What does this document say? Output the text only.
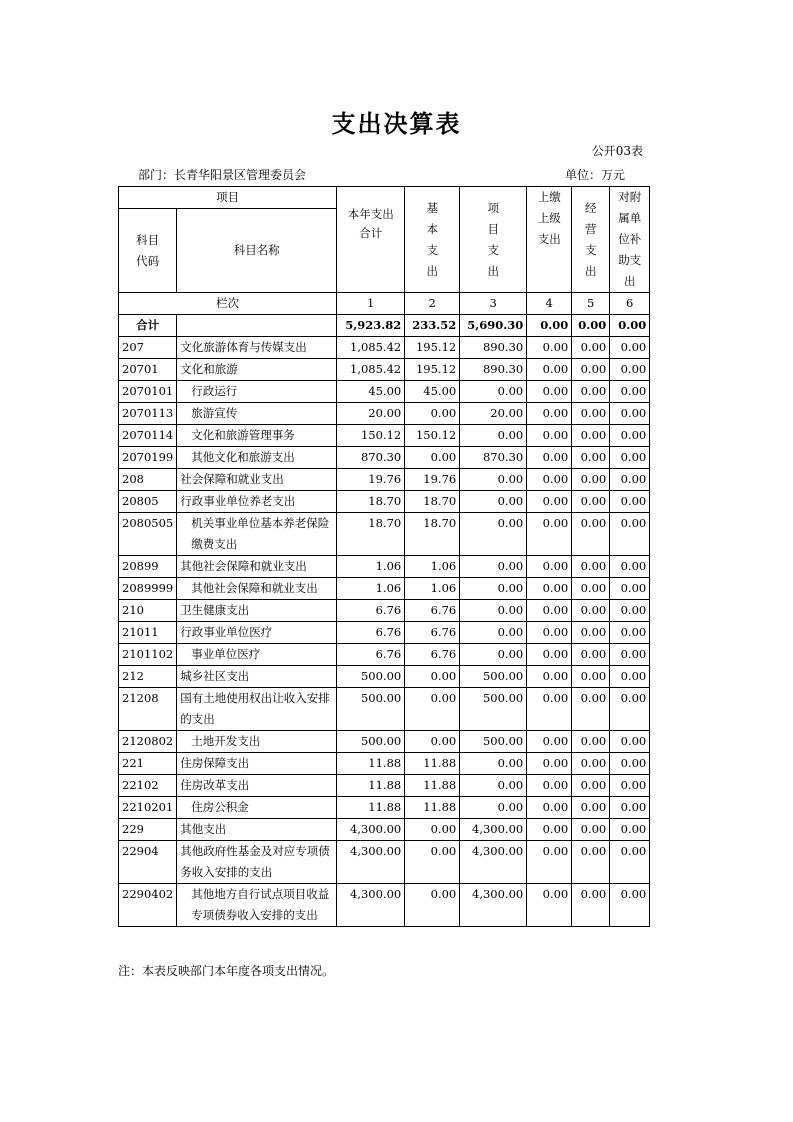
支出决算表
公开03表
部门：长青华阳景区管理委员会	单位：万元
项目		本年支出合计	基本支出	项目支出	上缴上级支出	经营支出	对附属单位补助支出

科目代码	科目名称						
栏次		1	2	3	4	5	6
合计		5,923.82	233.52	5,690.30	0.00	0.00	0.00
207	文化旅游体育与传媒支出	1,085.42	195.12	890.30	0.00	0.00	0.00
20701	文化和旅游	1,085.42	195.12	890.30	0.00	0.00	0.00
2070101	行政运行	45.00	45.00	0.00	0.00	0.00	0.00
2070113	旅游宣传	20.00	0.00	20.00	0.00	0.00	0.00
2070114	文化和旅游管理事务	150.12	150.12	0.00	0.00	0.00	0.00
2070199	其他文化和旅游支出	870.30	0.00	870.30	0.00	0.00	0.00
208	社会保障和就业支出	19.76	19.76	0.00	0.00	0.00	0.00
20805	行政事业单位养老支出	18.70	18.70	0.00	0.00	0.00	0.00
2080505	机关事业单位基本养老保险缴费支出	18.70	18.70	0.00	0.00	0.00	0.00
20899	其他社会保障和就业支出	1.06	1.06	0.00	0.00	0.00	0.00
2089999	其他社会保障和就业支出	1.06	1.06	0.00	0.00	0.00	0.00
210	卫生健康支出	6.76	6.76	0.00	0.00	0.00	0.00
21011	行政事业单位医疗	6.76	6.76	0.00	0.00	0.00	0.00
2101102	事业单位医疗	6.76	6.76	0.00	0.00	0.00	0.00
212	城乡社区支出	500.00	0.00	500.00	0.00	0.00	0.00
21208	国有土地使用权出让收入安排的支出	500.00	0.00	500.00	0.00	0.00	0.00
2120802	土地开发支出	500.00	0.00	500.00	0.00	0.00	0.00
221	住房保障支出	11.88	11.88	0.00	0.00	0.00	0.00
22102	住房改革支出	11.88	11.88	0.00	0.00	0.00	0.00
2210201	住房公积金	11.88	11.88	0.00	0.00	0.00	0.00
229	其他支出	4,300.00	0.00	4,300.00	0.00	0.00	0.00
22904	其他政府性基金及对应专项债务收入安排的支出	4,300.00	0.00	4,300.00	0.00	0.00	0.00
2290402	其他地方自行试点项目收益专项债券收入安排的支出	4,300.00	0.00	4,300.00	0.00	0.00	0.00
注：本表反映部门本年度各项支出情况。
